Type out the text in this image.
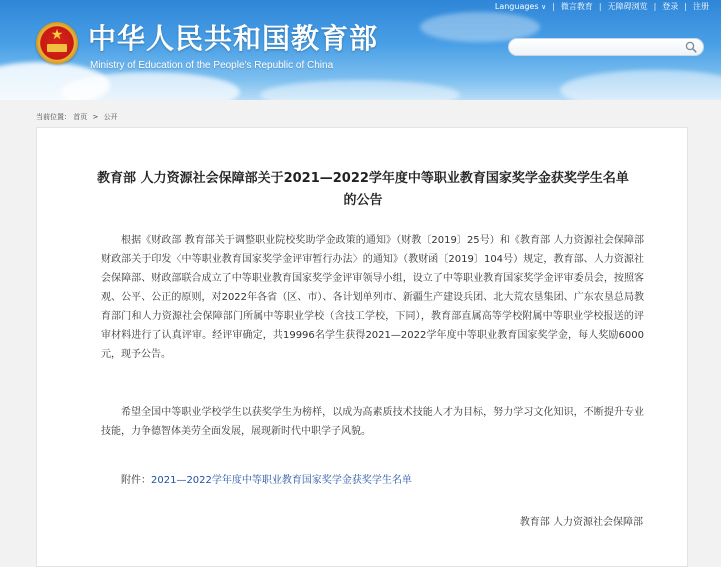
★ 中华人民共和国教育部
Ministry of Education of the People's Republic of China
Languages ∨ | 微言教育 | 无障碍浏览 | 登录 | 注册
当前位置： 首页 > 公开
教育部 人力资源社会保障部关于2021—2022学年度中等职业教育国家奖学金获奖学生名单的公告

根据《财政部 教育部关于调整职业院校奖助学金政策的通知》（财教〔2019〕25号）和《教育部 人力资源社会保障部 财政部关于印发〈中等职业教育国家奖学金评审暂行办法〉的通知》（教财函〔2019〕104号）规定，教育部、人力资源社会保障部、财政部联合成立了中等职业教育国家奖学金评审领导小组，设立了中等职业教育国家奖学金评审委员会，按照客观、公平、公正的原则，对2022年各省（区、市）、各计划单列市、新疆生产建设兵团、北大荒农垦集团、广东农垦总局教育部门和人力资源社会保障部门所属中等职业学校（含技工学校，下同），教育部直属高等学校附属中等职业学校报送的评审材料进行了认真评审。经评审确定，共19996名学生获得2021—2022学年度中等职业教育国家奖学金，每人奖励6000元，现予公告。

希望全国中等职业学校学生以获奖学生为榜样，以成为高素质技术技能人才为目标，努力学习文化知识，不断提升专业技能，力争德智体美劳全面发展，展现新时代中职学子风貌。

附件：2021—2022学年度中等职业教育国家奖学金获奖学生名单
教育部 人力资源社会保障部
